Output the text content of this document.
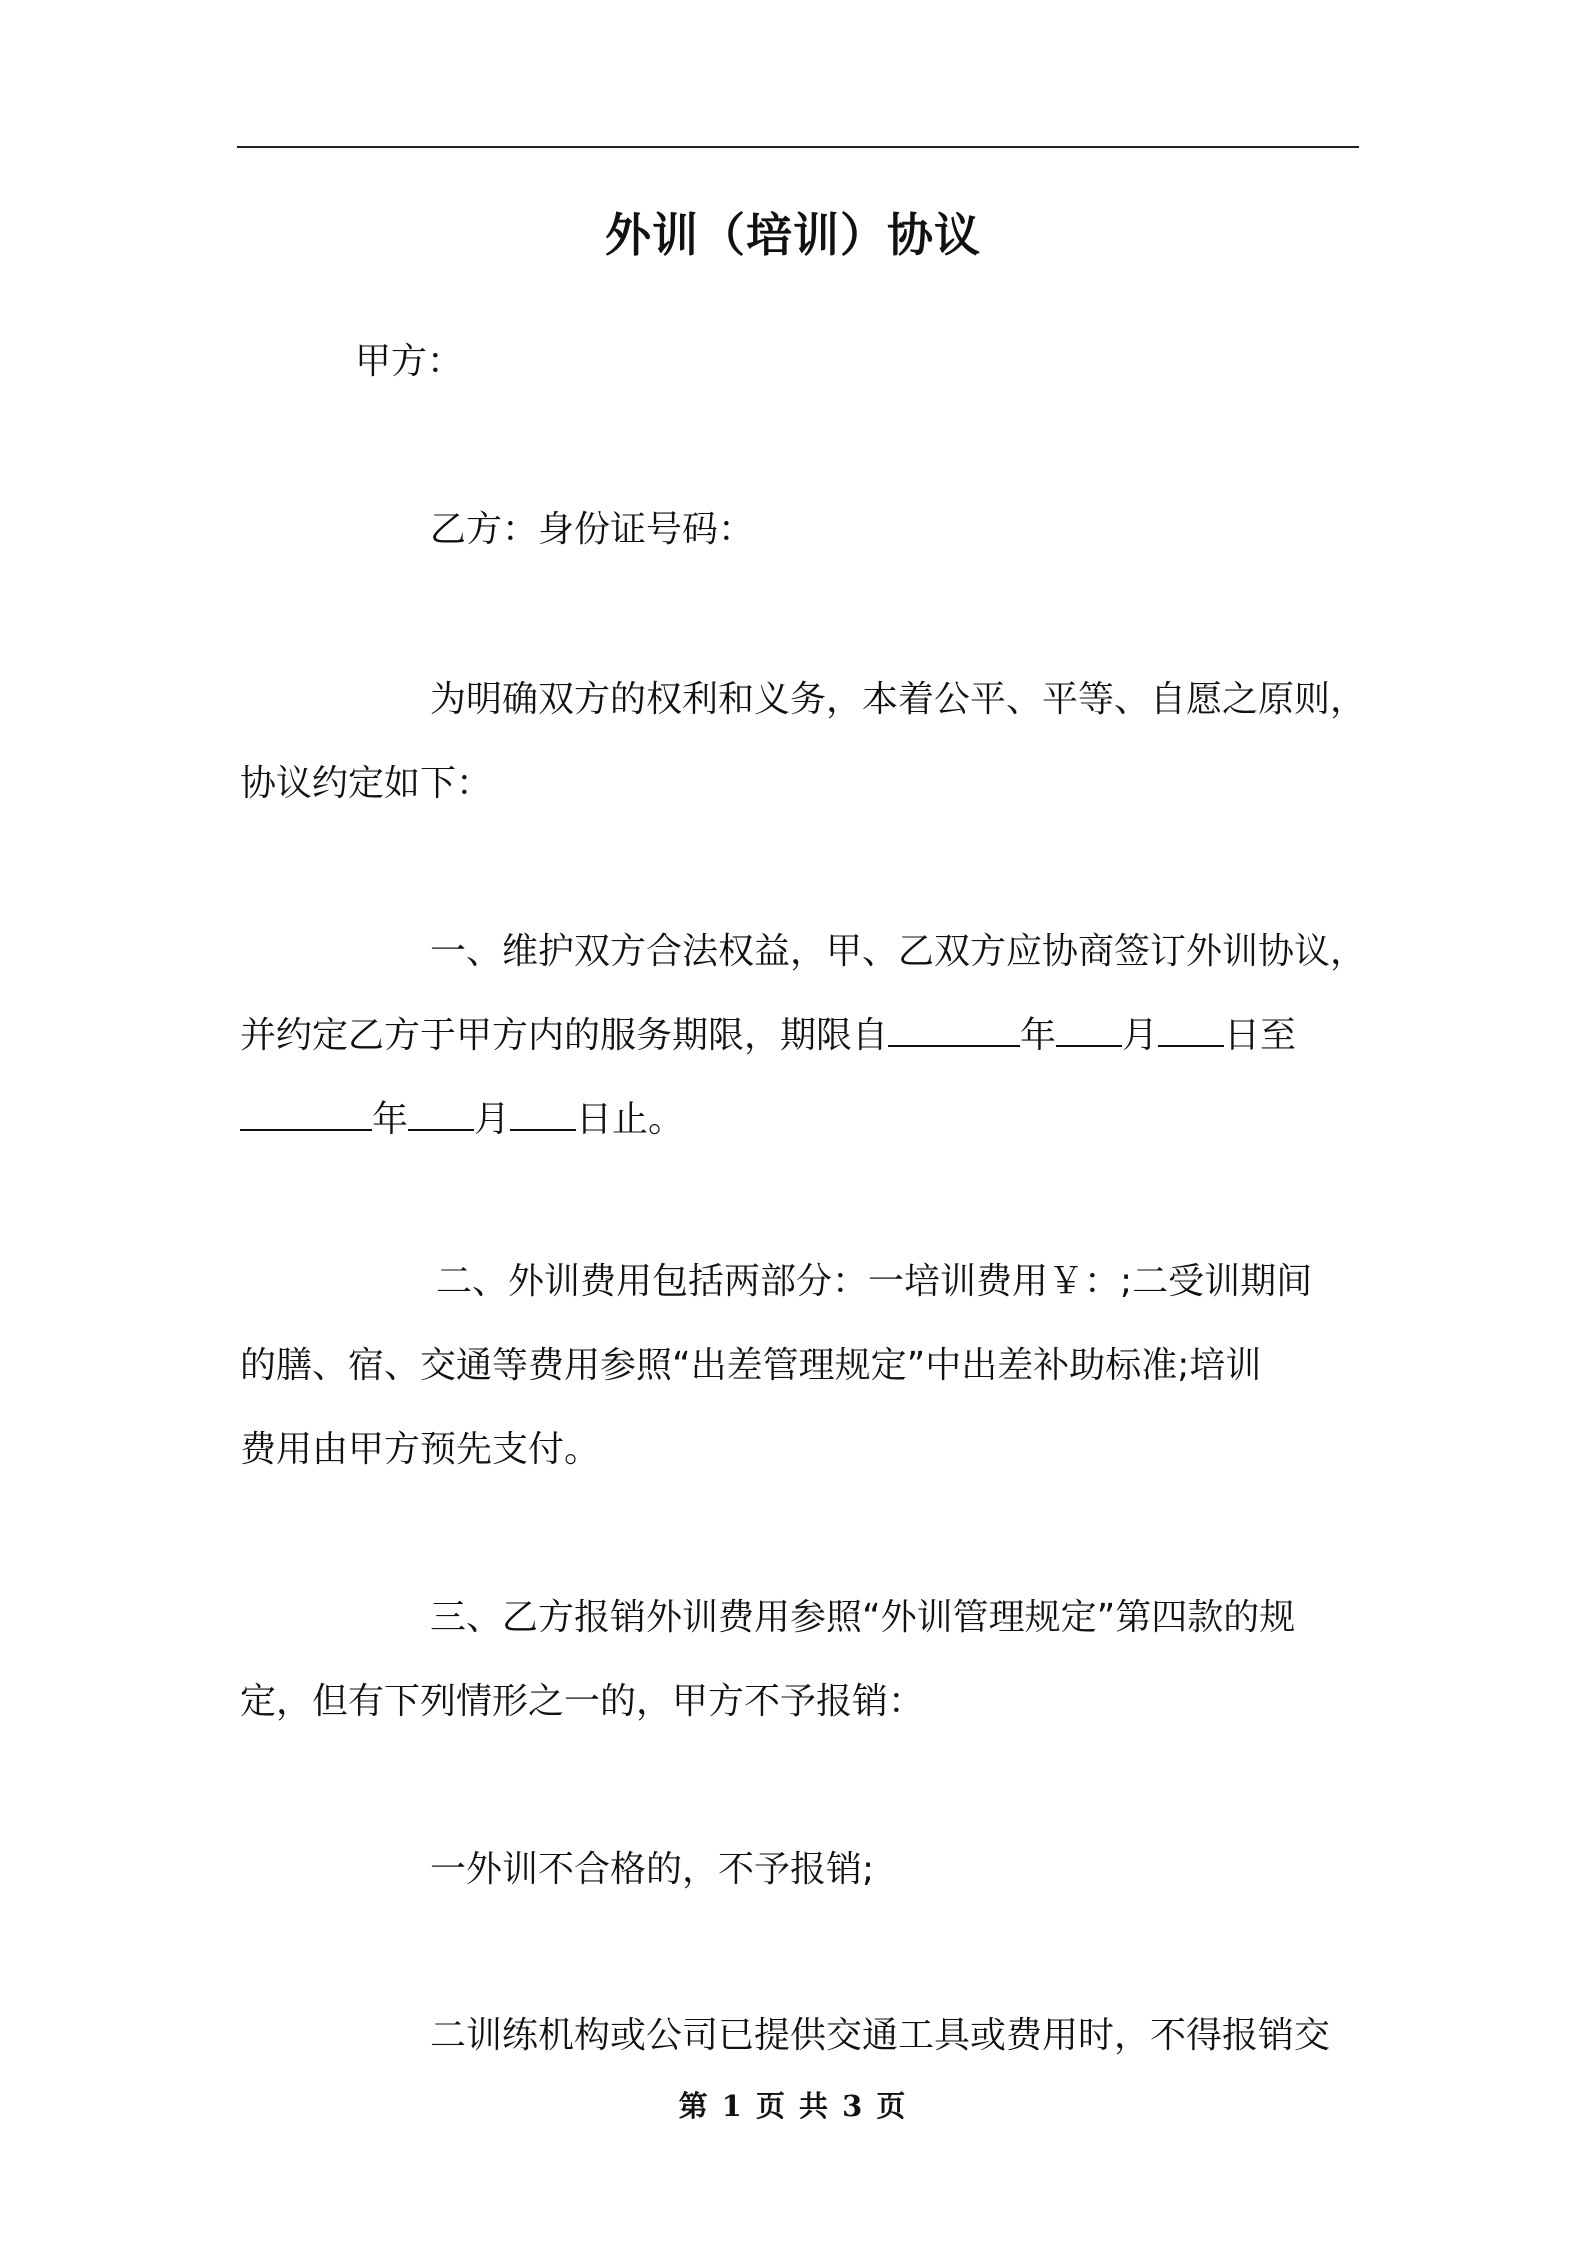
外训（培训）协议
甲方：
乙方：身份证号码：
为明确双方的权利和义务，本着公平、平等、自愿之原则，
协议约定如下：
一、维护双方合法权益，甲、乙双方应协商签订外训协议，
并约定乙方于甲方内的服务期限，期限自	年 月 日至
年 月 日止。
二、外训费用包括两部分：一培训费用￥：;二受训期间
的膳、宿、交通等费用参照“出差管理规定”中出差补助标准;培训
费用由甲方预先支付。
三、乙方报销外训费用参照“外训管理规定”第四款的规
定，但有下列情形之一的，甲方不予报销：
一外训不合格的，不予报销;
二训练机构或公司已提供交通工具或费用时，不得报销交
第 1 页 共 3 页
